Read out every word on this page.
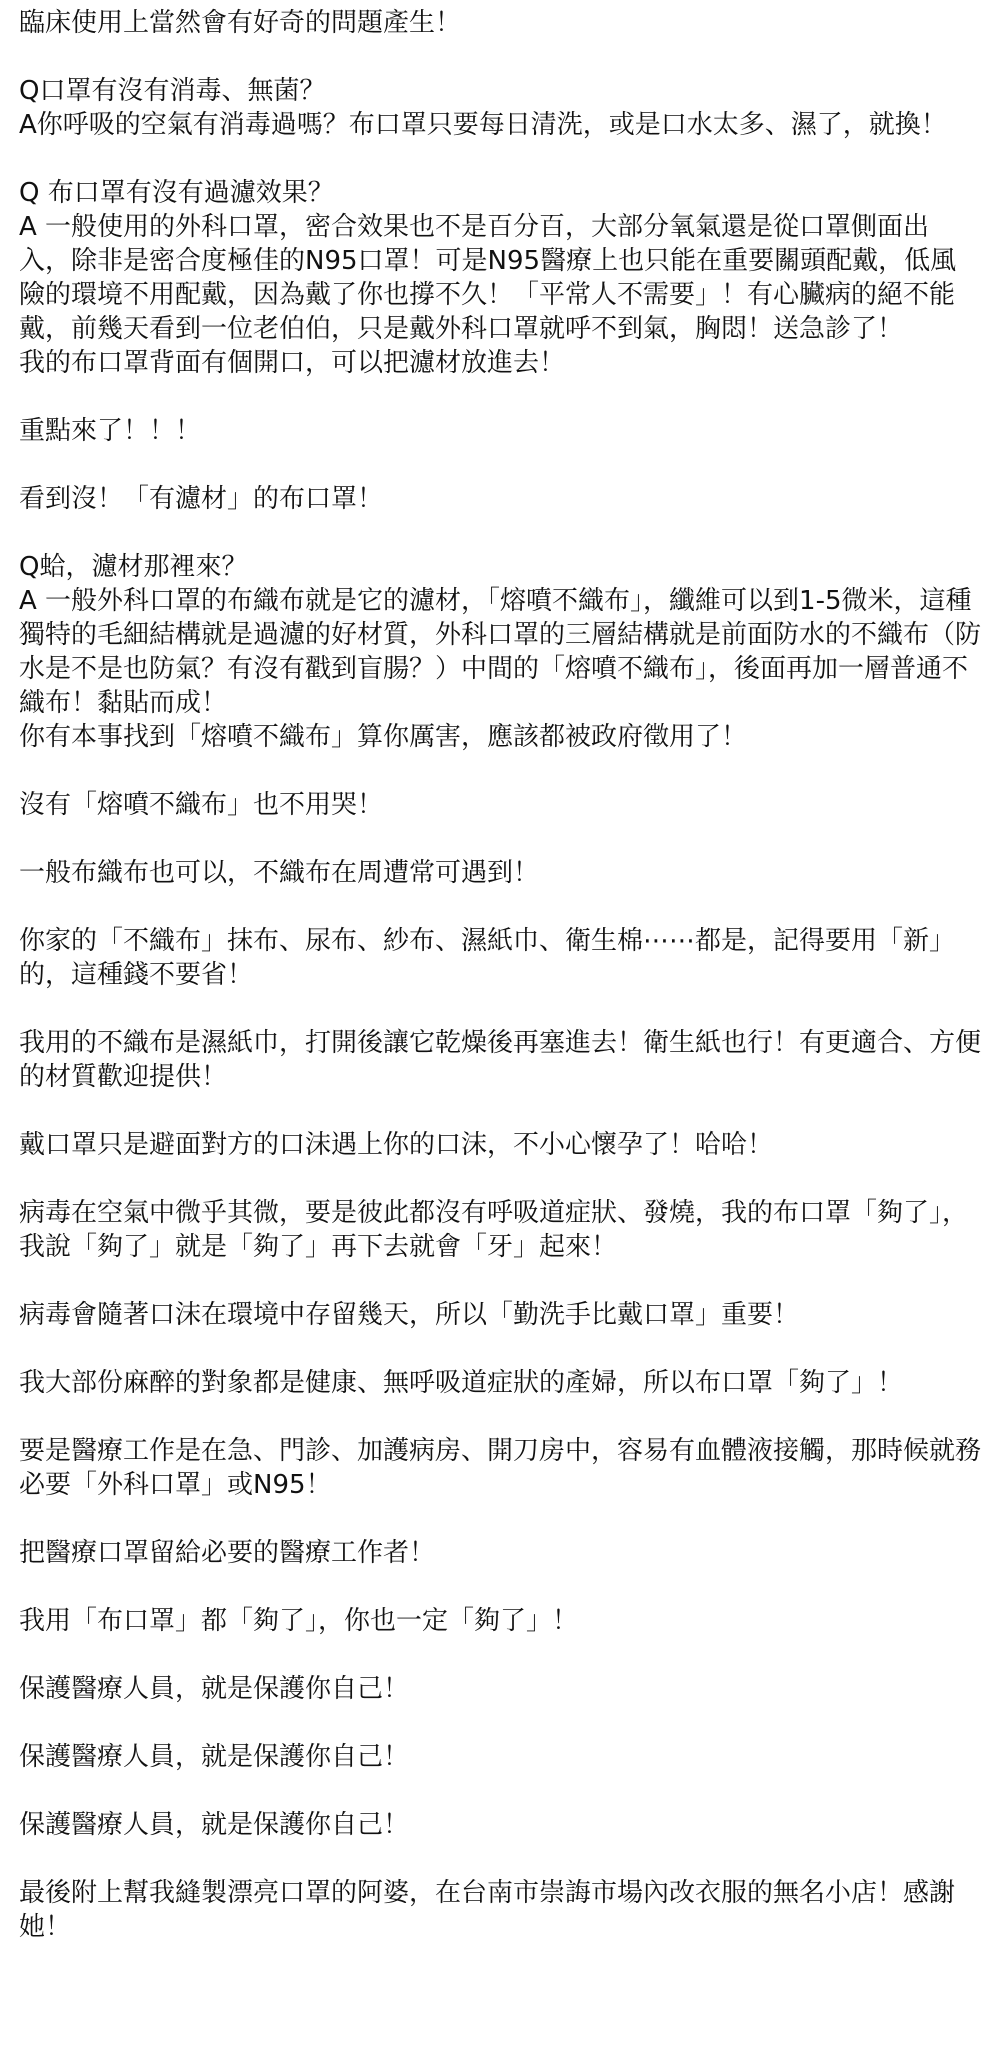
臨床使用上當然會有好奇的問題產生！

Q口罩有沒有消毒、無菌？
A你呼吸的空氣有消毒過嗎？布口罩只要每日清洗，或是口水太多、濕了，就換！

Q 布口罩有沒有過濾效果？
A 一般使用的外科口罩，密合效果也不是百分百，大部分氧氣還是從口罩側面出入，除非是密合度極佳的N95口罩！可是N95醫療上也只能在重要關頭配戴，低風險的環境不用配戴，因為戴了你也撐不久！「平常人不需要」！有心臟病的絕不能戴，前幾天看到一位老伯伯，只是戴外科口罩就呼不到氣，胸悶！送急診了！
我的布口罩背面有個開口，可以把濾材放進去！

重點來了！！！

看到沒！「有濾材」的布口罩！

Q蛤，濾材那裡來？
A 一般外科口罩的布織布就是它的濾材，「熔噴不織布」，纖維可以到1-5微米，這種獨特的毛細結構就是過濾的好材質，外科口罩的三層結構就是前面防水的不織布（防水是不是也防氣？有沒有戳到盲腸？）中間的「熔噴不織布」，後面再加一層普通不織布！黏貼而成！
你有本事找到「熔噴不織布」算你厲害，應該都被政府徵用了！

沒有「熔噴不織布」也不用哭！

一般布織布也可以，不織布在周遭常可遇到！

你家的「不織布」抹布、尿布、紗布、濕紙巾、衛生棉⋯⋯都是，記得要用「新」的，這種錢不要省！

我用的不織布是濕紙巾，打開後讓它乾燥後再塞進去！衛生紙也行！有更適合、方便的材質歡迎提供！

戴口罩只是避面對方的口沫遇上你的口沫，不小心懷孕了！哈哈！

病毒在空氣中微乎其微，要是彼此都沒有呼吸道症狀、發燒，我的布口罩「夠了」，我說「夠了」就是「夠了」再下去就會「牙」起來！

病毒會隨著口沫在環境中存留幾天，所以「勤洗手比戴口罩」重要！

我大部份麻醉的對象都是健康、無呼吸道症狀的產婦，所以布口罩「夠了」！

要是醫療工作是在急、門診、加護病房、開刀房中，容易有血體液接觸，那時候就務必要「外科口罩」或N95！

把醫療口罩留給必要的醫療工作者！

我用「布口罩」都「夠了」，你也一定「夠了」！

保護醫療人員，就是保護你自己！

保護醫療人員，就是保護你自己！

保護醫療人員，就是保護你自己！

最後附上幫我縫製漂亮口罩的阿婆，在台南市崇誨市場內改衣服的無名小店！感謝她！
